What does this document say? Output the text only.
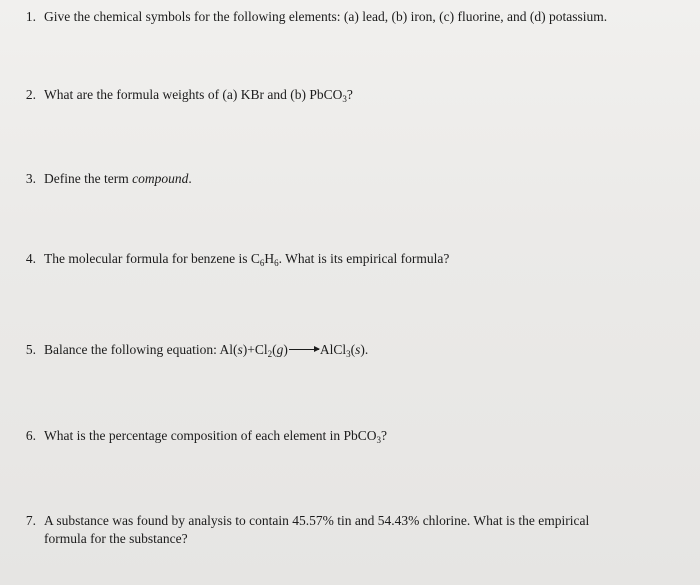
1. Give the chemical symbols for the following elements: (a) lead, (b) iron, (c) fluorine, and (d) potassium.
2. What are the formula weights of (a) KBr and (b) PbCO$_3$?
3. Define the term compound.
4. The molecular formula for benzene is $C_6H_6$. What is its empirical formula?
5. Balance the following equation: $Al(s)+Cl_2(g)\to AlCl_3(s)$.
6. What is the percentage composition of each element in PbCO$_3$?
7. A substance was found by analysis to contain 45.57% tin and 54.43% chlorine. What is the empirical
formula for the substance?
